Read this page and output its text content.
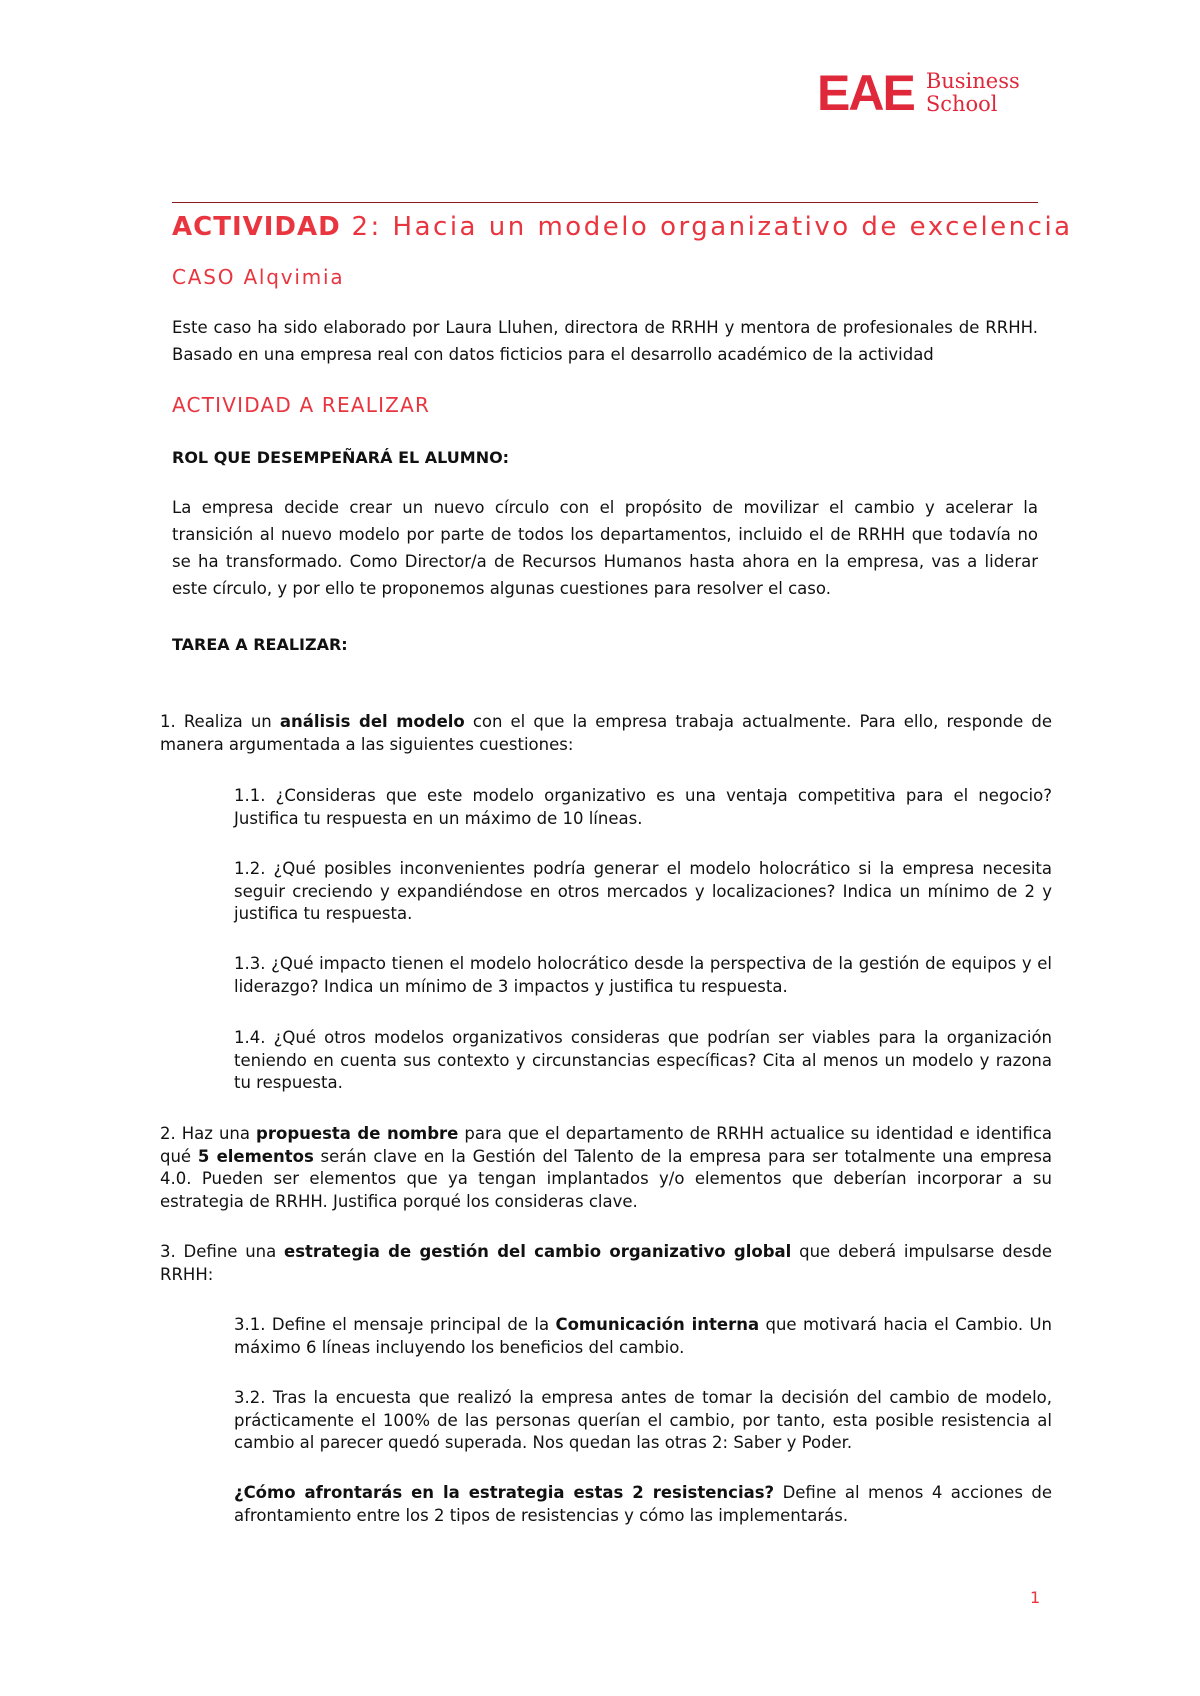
EAE Business
School
ACTIVIDAD 2: Hacia un modelo organizativo de excelencia
CASO Alqvimia
Este caso ha sido elaborado por Laura Lluhen, directora de RRHH y mentora de profesionales de RRHH. Basado en una empresa real con datos ficticios para el desarrollo académico de la actividad
ACTIVIDAD A REALIZAR
ROL QUE DESEMPEÑARÁ EL ALUMNO:
La empresa decide crear un nuevo círculo con el propósito de movilizar el cambio y acelerar la transición al nuevo modelo por parte de todos los departamentos, incluido el de RRHH que todavía no se ha transformado. Como Director/a de Recursos Humanos hasta ahora en la empresa, vas a liderar este círculo, y por ello te proponemos algunas cuestiones para resolver el caso.
TAREA A REALIZAR:
1. Realiza un análisis del modelo con el que la empresa trabaja actualmente. Para ello, responde de manera argumentada a las siguientes cuestiones:
1.1. ¿Consideras que este modelo organizativo es una ventaja competitiva para el negocio? Justifica tu respuesta en un máximo de 10 líneas.
1.2. ¿Qué posibles inconvenientes podría generar el modelo holocrático si la empresa necesita seguir creciendo y expandiéndose en otros mercados y localizaciones? Indica un mínimo de 2 y justifica tu respuesta.
1.3. ¿Qué impacto tienen el modelo holocrático desde la perspectiva de la gestión de equipos y el liderazgo? Indica un mínimo de 3 impactos y justifica tu respuesta.
1.4. ¿Qué otros modelos organizativos consideras que podrían ser viables para la organización teniendo en cuenta sus contexto y circunstancias específicas? Cita al menos un modelo y razona tu respuesta.
2. Haz una propuesta de nombre para que el departamento de RRHH actualice su identidad e identifica qué 5 elementos serán clave en la Gestión del Talento de la empresa para ser totalmente una empresa 4.0. Pueden ser elementos que ya tengan implantados y/o elementos que deberían incorporar a su estrategia de RRHH. Justifica porqué los consideras clave.
3. Define una estrategia de gestión del cambio organizativo global que deberá impulsarse desde RRHH:
3.1. Define el mensaje principal de la Comunicación interna que motivará hacia el Cambio. Un máximo 6 líneas incluyendo los beneficios del cambio.
3.2. Tras la encuesta que realizó la empresa antes de tomar la decisión del cambio de modelo, prácticamente el 100% de las personas querían el cambio, por tanto, esta posible resistencia al cambio al parecer quedó superada. Nos quedan las otras 2: Saber y Poder.
¿Cómo afrontarás en la estrategia estas 2 resistencias? Define al menos 4 acciones de afrontamiento entre los 2 tipos de resistencias y cómo las implementarás.
1
